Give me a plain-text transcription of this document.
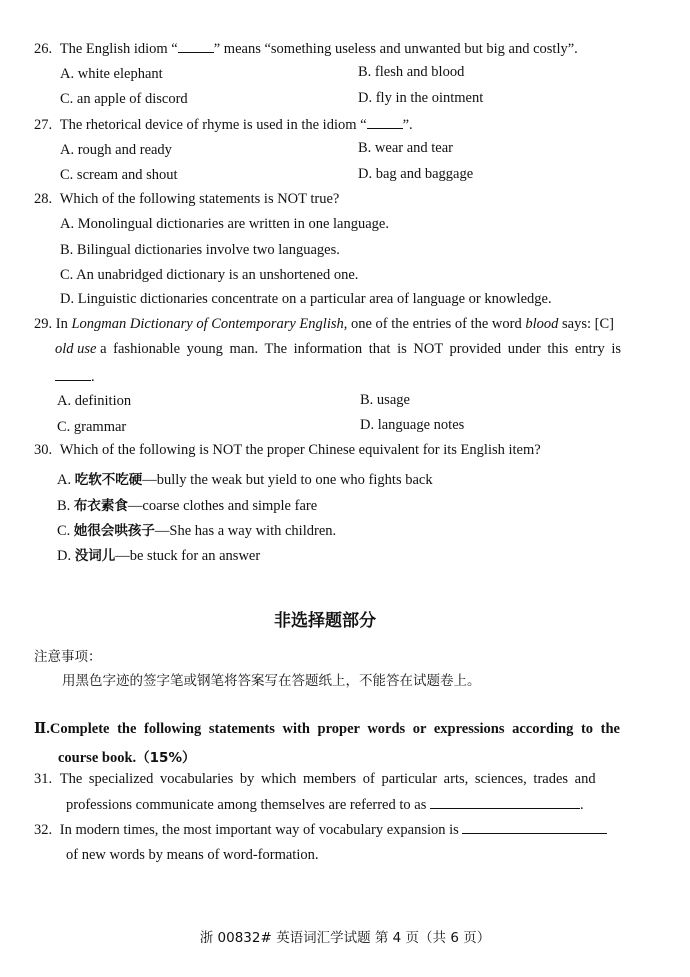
26. The English idiom “ ” means “something useless and unwanted but big and costly”.
A. white elephant	B. flesh and blood
C. an apple of discord	D. fly in the ointment
27. The rhetorical device of rhyme is used in the idiom “ ”.
A. rough and ready	B. wear and tear
C. scream and shout	D. bag and baggage
28. Which of the following statements is NOT true?
A. Monolingual dictionaries are written in one language.
B. Bilingual dictionaries involve two languages.
C. An unabridged dictionary is an unshortened one.
D. Linguistic dictionaries concentrate on a particular area of language or knowledge.
29. In Longman Dictionary of Contemporary English, one of the entries of the word blood says: [C]
old use a fashionable young man. The information that is NOT provided under this entry is
.
A. definition	B. usage
C. grammar	D. language notes
30. Which of the following is NOT the proper Chinese equivalent for its English item?
A. 吃软不吃硬—bully the weak but yield to one who fights back
B. 布衣素食—coarse clothes and simple fare
C. 她很会哄孩子—She has a way with children.
D. 没词儿—be stuck for an answer
非选择题部分
注意事项：
用黑色字迹的签字笔或钢笔将答案写在答题纸上，不能答在试题卷上。
Ⅱ.Complete the following statements with proper words or expressions according to the
course book.（15%）
31. The specialized vocabularies by which members of particular arts, sciences, trades and
professions communicate among themselves are referred to as	.
32. In modern times, the most important way of vocabulary expansion is
of new words by means of word-formation.
浙 00832# 英语词汇学试题 第 4 页（共 6 页）
